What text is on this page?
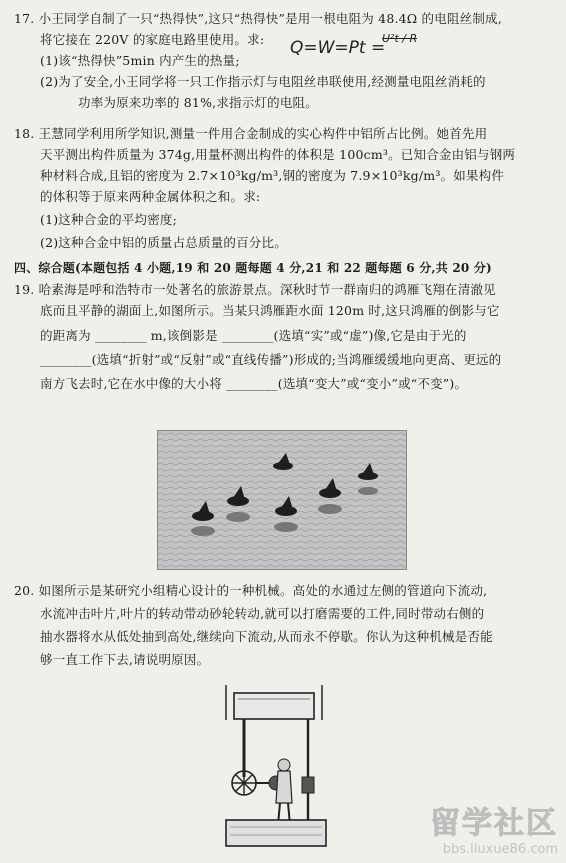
17. 小王同学自制了一只“热得快”,这只“热得快”是用一根电阻为 48.4Ω 的电阻丝制成,
将它接在 220V 的家庭电路里使用。求:
(1)该“热得快”5min 内产生的热量;
(2)为了安全,小王同学将一只工作指示灯与电阻丝串联使用,经测量电阻丝消耗的
功率为原来功率的 81%,求指示灯的电阻。
Q=W=Pt =
U²t / R
18. 王慧同学利用所学知识,测量一件用合金制成的实心构件中铝所占比例。她首先用
天平测出构件质量为 374g,用量杯测出构件的体积是 100cm³。已知合金由铝与钢两
种材料合成,且铝的密度为 2.7×10³kg/m³,钢的密度为 7.9×10³kg/m³。如果构件
的体积等于原来两种金属体积之和。求:
(1)这种合金的平均密度;
(2)这种合金中铝的质量占总质量的百分比。
四、综合题(本题包括 4 小题,19 和 20 题每题 4 分,21 和 22 题每题 6 分,共 20 分)
19. 哈素海是呼和浩特市一处著名的旅游景点。深秋时节一群南归的鸿雁飞翔在清澈见
底而且平静的湖面上,如图所示。当某只鸿雁距水面 120m 时,这只鸿雁的倒影与它
的距离为 ________ m,该倒影是 ________(选填“实”或“虚”)像,它是由于光的
________(选填“折射”或“反射”或“直线传播”)形成的;当鸿雁缓缓地向更高、更远的
南方飞去时,它在水中像的大小将 ________(选填“变大”或“变小”或“不变”)。
20. 如图所示是某研究小组精心设计的一种机械。高处的水通过左侧的管道向下流动,
水流冲击叶片,叶片的转动带动砂轮转动,就可以打磨需要的工件,同时带动右侧的
抽水器将水从低处抽到高处,继续向下流动,从而永不停歇。你认为这种机械是否能
够一直工作下去,请说明原因。
留学社区
bbs.liuxue86.com
